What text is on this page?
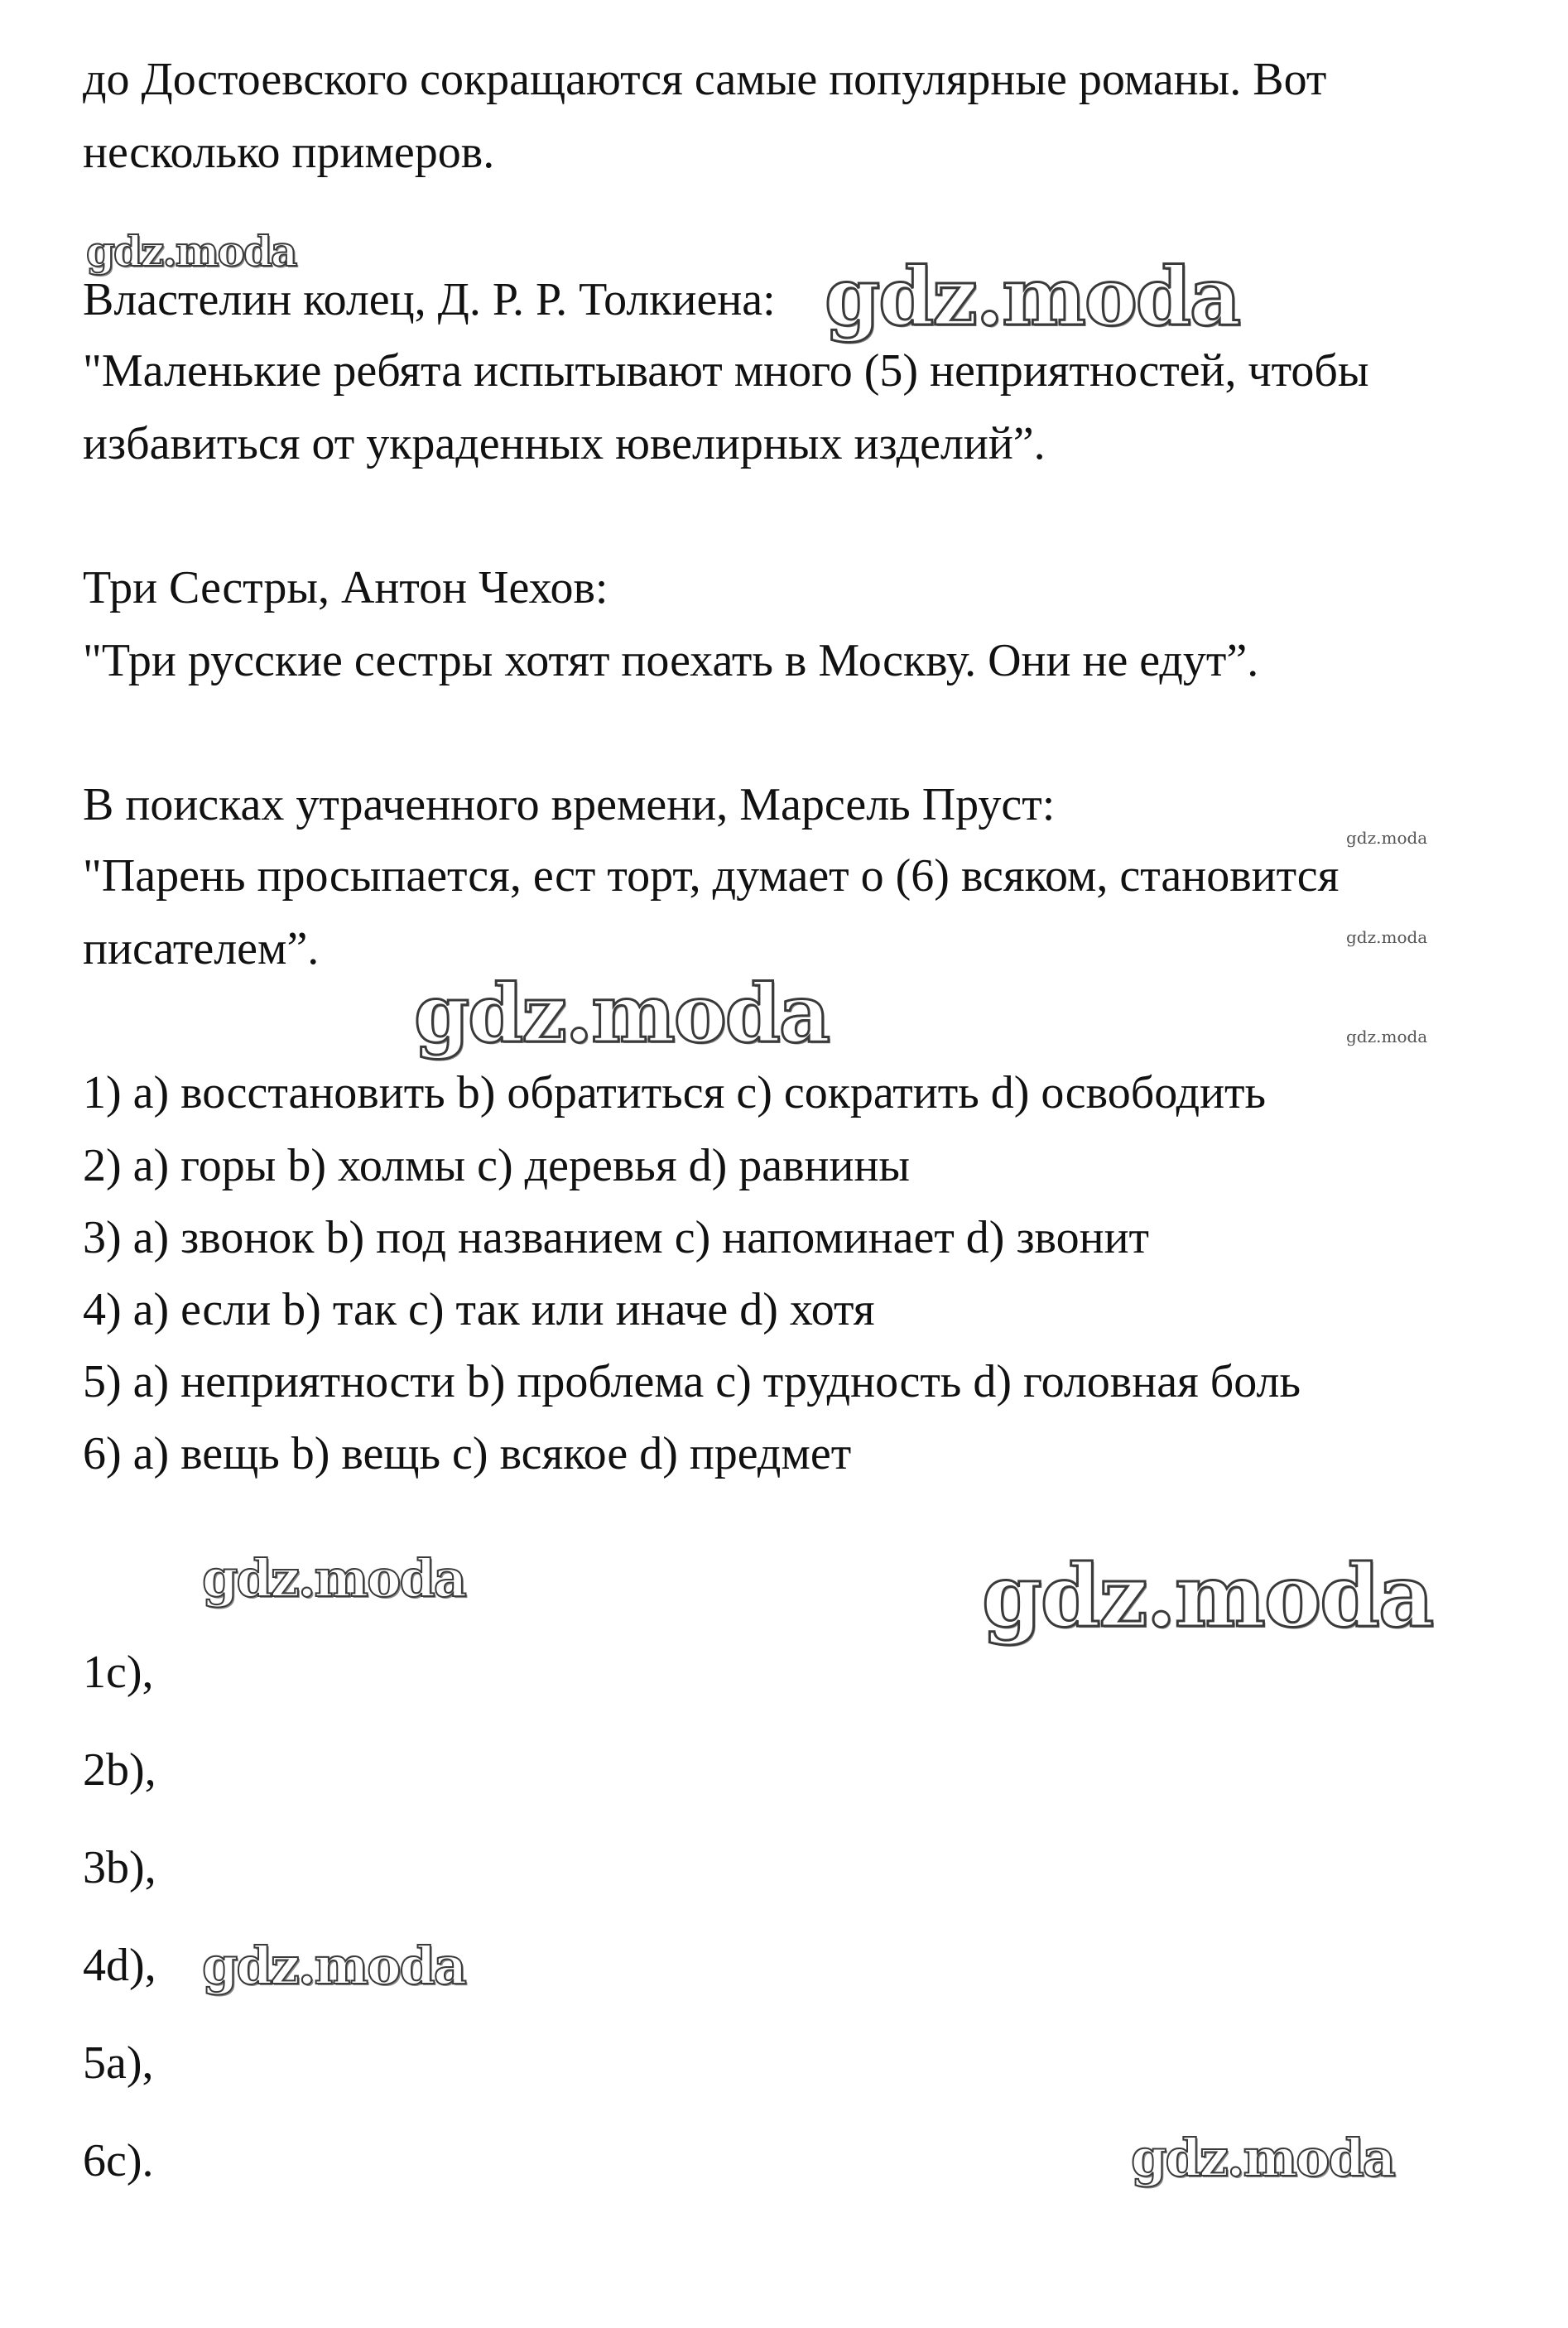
до Достоевского сокращаются самые популярные романы. Вот
несколько примеров.
Властелин колец, Д. Р. Р. Толкиена:
"Маленькие ребята испытывают много (5) неприятностей, чтобы
избавиться от украденных ювелирных изделий”.
Три Сестры, Антон Чехов:
"Три русские сестры хотят поехать в Москву. Они не едут”.
В поисках утраченного времени, Марсель Пруст:
"Парень просыпается, ест торт, думает о (6) всяком, становится
писателем”.
1) a) восстановить b) обратиться c) сократить d) освободить
2) a) горы b) холмы c) деревья d) равнины
3) a) звонок b) под названием c) напоминает d) звонит
4) a) если b) так c) так или иначе d) хотя
5) a) неприятности b) проблема c) трудность d) головная боль
6) a) вещь b) вещь c) всякое d) предмет
1c),
2b),
3b),
4d),
5a),
6c).
gdz.moda	gdz.moda
gdz.moda
gdz.moda
gdz.moda	gdz.moda
gdz.moda	gdz.moda
gdz.moda
gdz.moda
